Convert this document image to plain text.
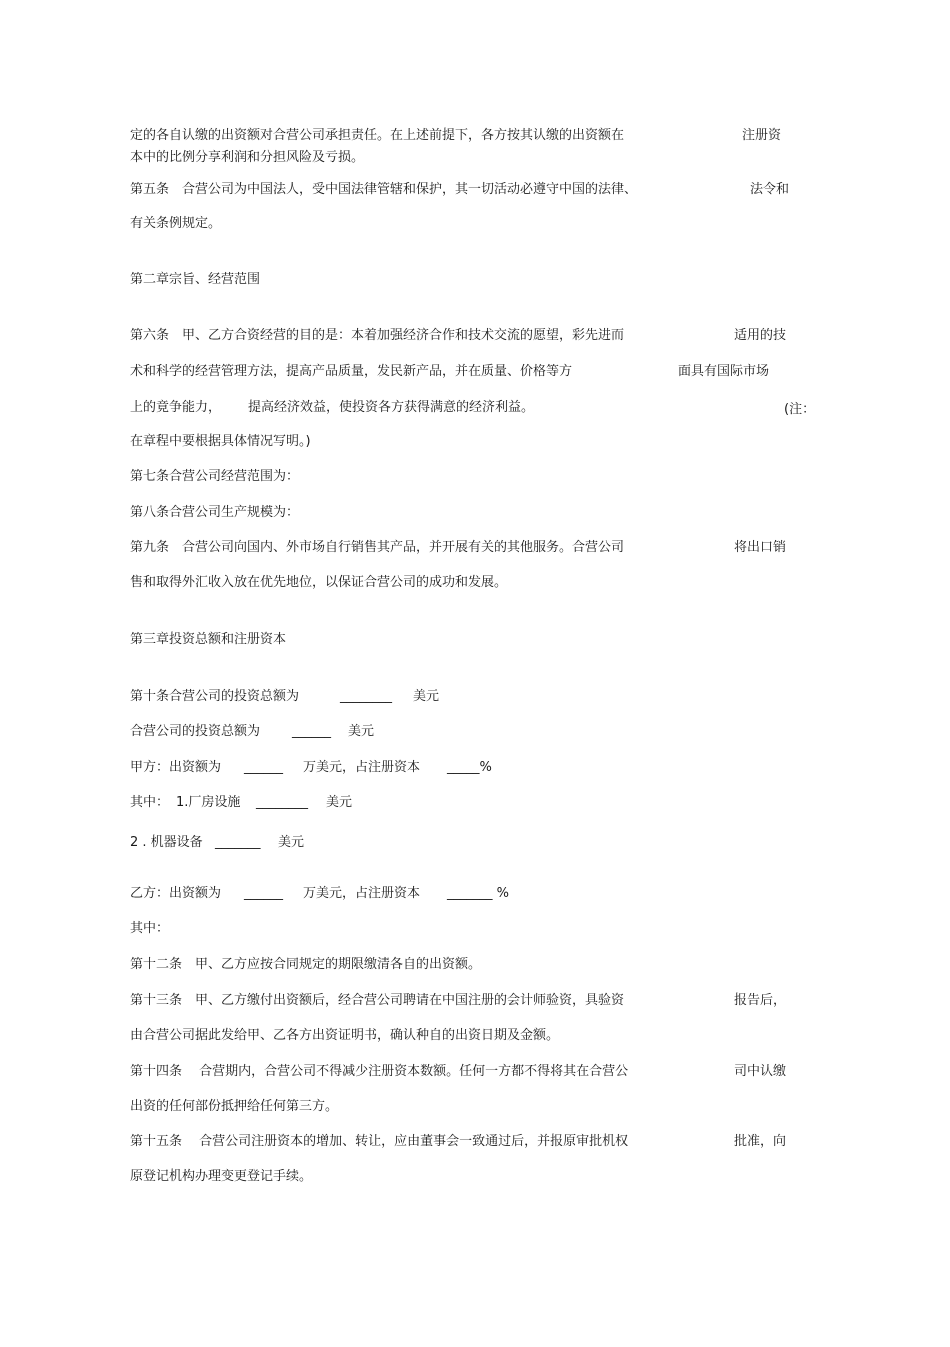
定的各自认缴的出资额对合营公司承担责任。在上述前提下，各方按其认缴的出资额在	注册资
本中的比例分享利润和分担风险及亏损。
第五条　合营公司为中国法人，受中国法律管辖和保护，其一切活动必遵守中国的法律、	法令和
有关条例规定。
第二章宗旨、经营范围
第六条　甲、乙方合资经营的目的是：本着加强经济合作和技术交流的愿望，彩先进而	适用的技
术和科学的经营管理方法，提高产品质量，发民新产品，并在质量、价格等方	面具有国际市场
上的竟争能力， 提高经济效益，使投资各方获得满意的经济利益。	(注：
在章程中要根据具体情况写明。)
第七条合营公司经营范围为：
第八条合营公司生产规模为：
第九条　合营公司向国内、外市场自行销售其产品，并开展有关的其他服务。合营公司	将出口销
售和取得外汇收入放在优先地位，以保证合营公司的成功和发展。
第三章投资总额和注册资本
第十条合营公司的投资总额为	________ 美元
合营公司的投资总额为 ______ 美元
甲方：出资额为 ______ 万美元，占注册资本 _____%
其中： 1.厂房设施 ________ 美元
2 . 机器设备 _______ 美元
乙方：出资额为 ______ 万美元，占注册资本 _______ %
其中：
第十二条　甲、乙方应按合同规定的期限缴清各自的出资额。
第十三条　甲、乙方缴付出资额后，经合营公司聘请在中国注册的会计师验资，具验资	报告后，
由合营公司据此发给甲、乙各方出资证明书，确认种自的出资日期及金额。
第十四条　 合营期内，合营公司不得减少注册资本数额。任何一方都不得将其在合营公	司中认缴
出资的任何部份抵押给任何第三方。
第十五条　 合营公司注册资本的增加、转让，应由董事会一致通过后，并报原审批机权	批准，向
原登记机构办理变更登记手续。
